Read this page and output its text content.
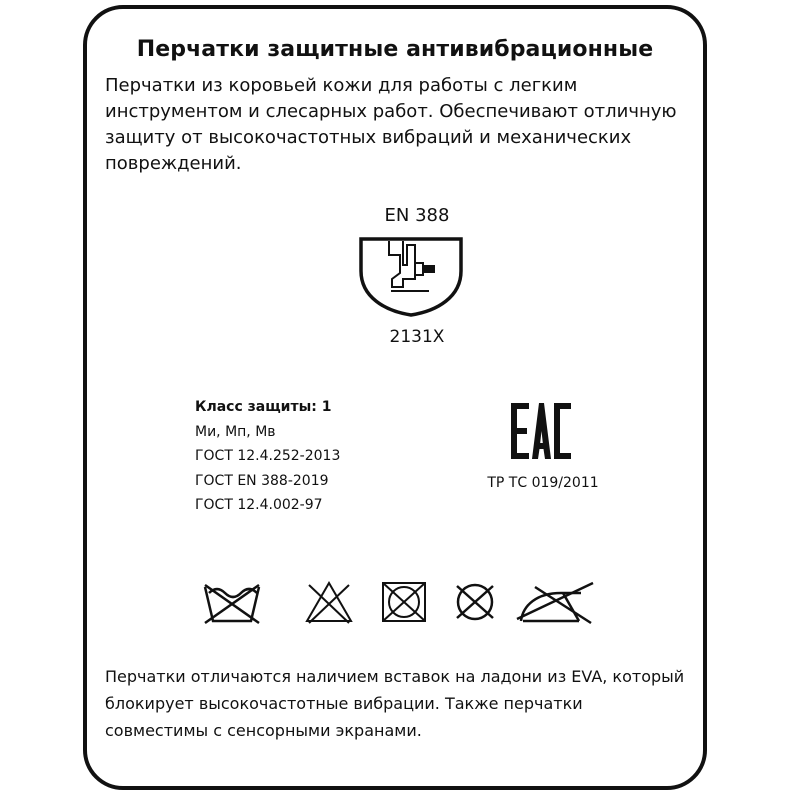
Перчатки защитные антивибрационные
Перчатки из коровьей кожи для работы с легким инструментом и слесарных работ. Обеспечивают отличную защиту от высокочастотных вибраций и механических повреждений.
EN 388
2131X
Класс защиты: 1
Ми, Мп, Мв
ГОСТ 12.4.252-2013
ГОСТ EN 388-2019
ГОСТ 12.4.002-97
ТР ТС 019/2011
Перчатки отличаются наличием вставок на ладони из EVA, который блокирует высокочастотные вибрации. Также перчатки совместимы с сенсорными экранами.
